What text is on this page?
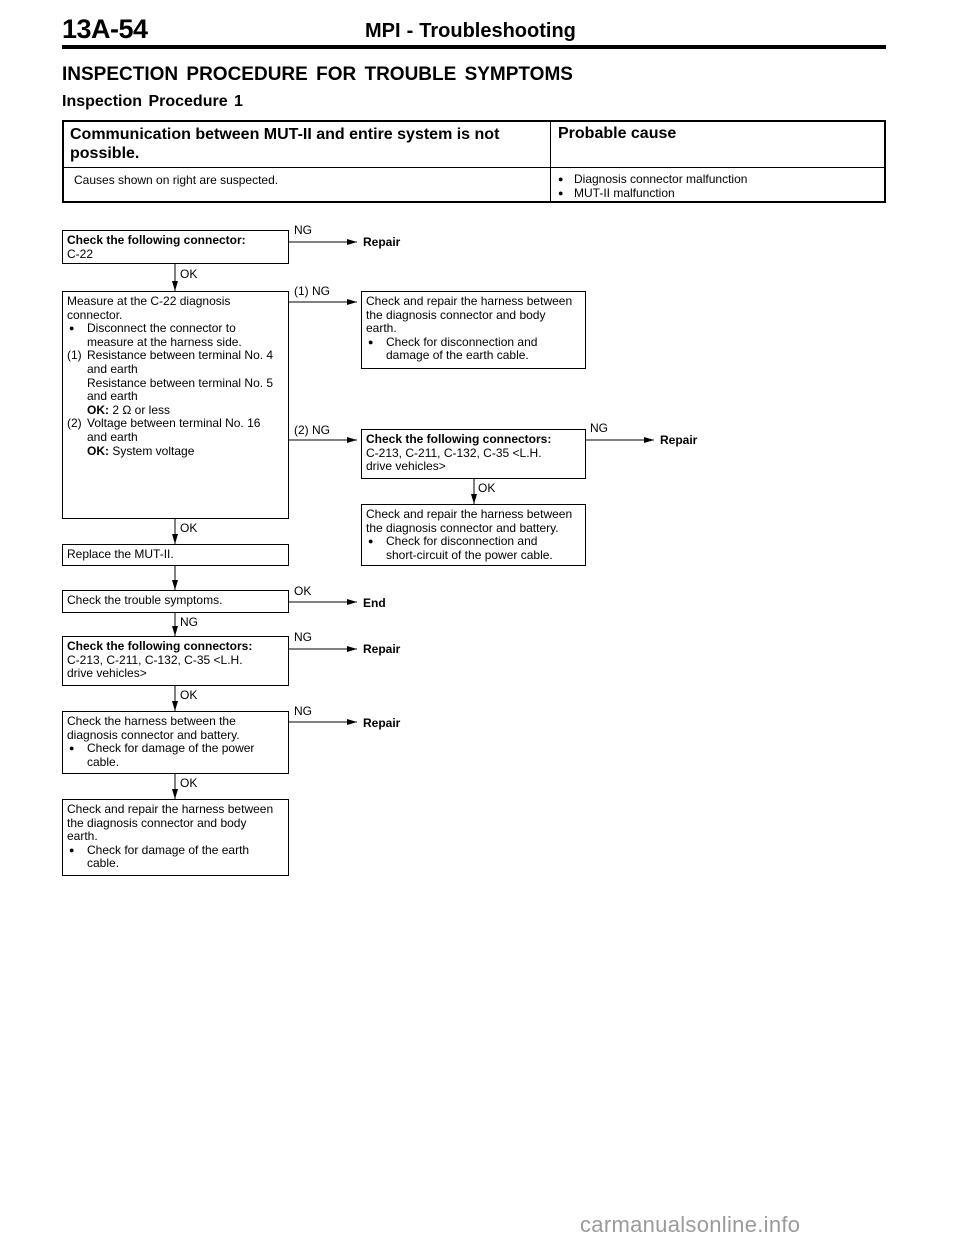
13A-54	MPI - Troubleshooting
INSPECTION PROCEDURE FOR TROUBLE SYMPTOMS
Inspection Procedure 1
Communication between MUT-II and entire system is not possible.
Probable cause
Causes shown on right are suspected.
●	Diagnosis connector malfunction
● MUT-II malfunction
Check the following connector:
C-22
Measure at the C-22 diagnosis
connector.
● Disconnect the connector to
measure at the harness side.
(1) Resistance between terminal No. 4
and earth
Resistance between terminal No. 5
and earth
OK: 2 Ω or less
(2) Voltage between terminal No. 16
and earth
OK: System voltage
Check and repair the harness between
the diagnosis connector and body
earth.
● Check for disconnection and
damage of the earth cable.
Check the following connectors:
C-213, C-211, C-132, C-35 <L.H.
drive vehicles>
Check and repair the harness between
the diagnosis connector and battery.
● Check for disconnection and
short-circuit of the power cable.
Replace the MUT-II.
Check the trouble symptoms.
Check the following connectors:
C-213, C-211, C-132, C-35 <L.H.
drive vehicles>
Check the harness between the
diagnosis connector and battery.
● Check for damage of the power
cable.
Check and repair the harness between
the diagnosis connector and body
earth.
● Check for damage of the earth
cable.
NG
OK
(1) NG
(2) NG	NG
OK
OK
OK
NG
NG
OK
NG
OK
Repair
Repair
End
Repair
Repair
carmanualsonline.info
